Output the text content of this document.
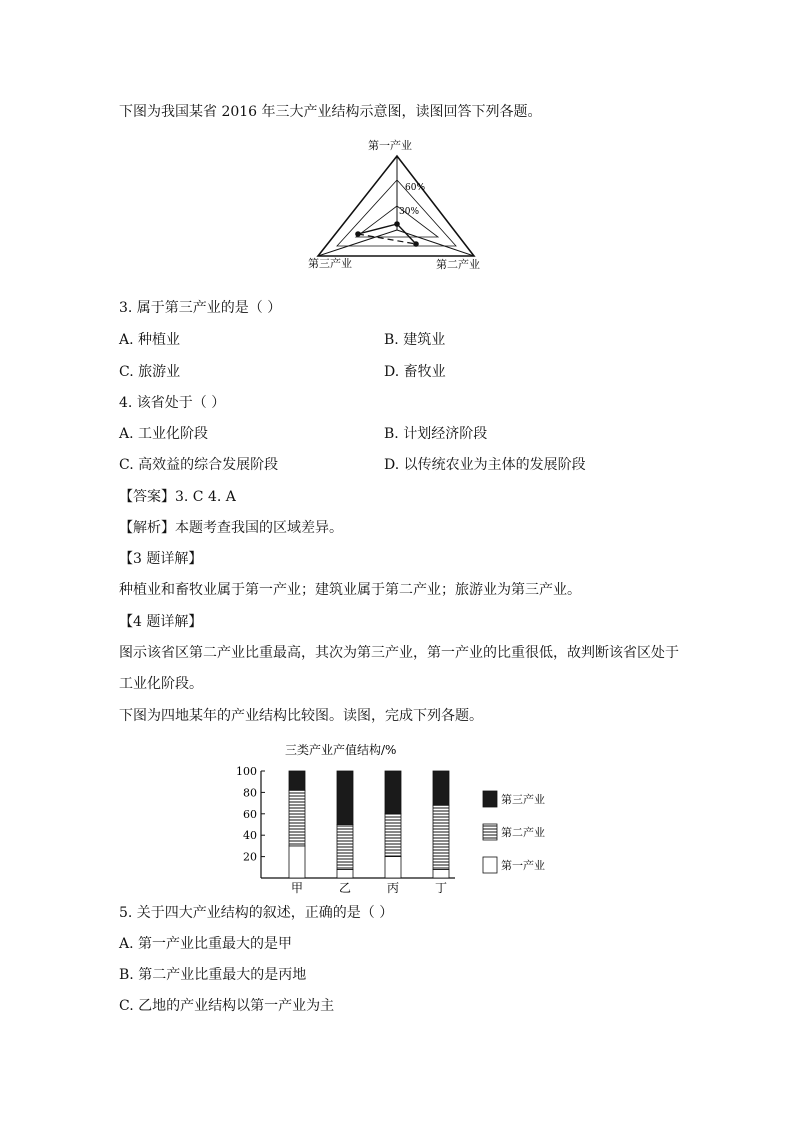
下图为我国某省 2016 年三大产业结构示意图，读图回答下列各题。
第一产业
第三产业	第二产业
60%
30%
3. 属于第三产业的是（ ）
A. 种植业	B. 建筑业
C. 旅游业	D. 畜牧业
4. 该省处于（ ）
A. 工业化阶段	B. 计划经济阶段
C. 高效益的综合发展阶段	D. 以传统农业为主体的发展阶段
【答案】3. C 4. A
【解析】本题考查我国的区域差异。
【3 题详解】
种植业和畜牧业属于第一产业；建筑业属于第二产业；旅游业为第三产业。
【4 题详解】
图示该省区第二产业比重最高，其次为第三产业，第一产业的比重很低，故判断该省区处于
工业化阶段。
下图为四地某年的产业结构比较图。读图，完成下列各题。
三类产业产值结构/%
20
40
60
80
100
甲	乙	丙	丁
第三产业
第二产业
第一产业
5. 关于四大产业结构的叙述，正确的是（ ）
A. 第一产业比重最大的是甲
B. 第二产业比重最大的是丙地
C. 乙地的产业结构以第一产业为主
